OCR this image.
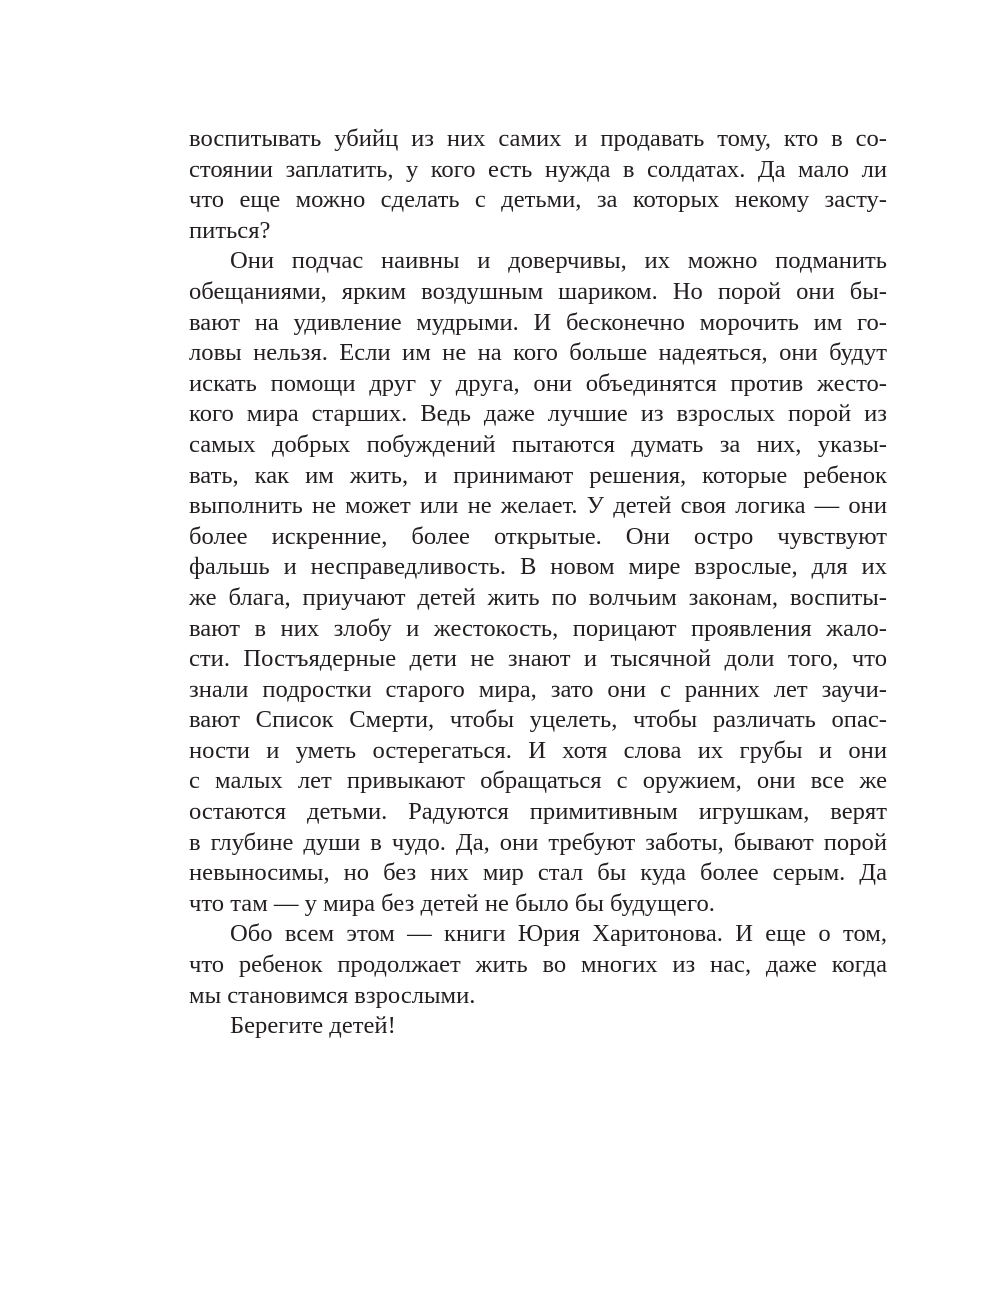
воспитывать убийц из них самих и продавать тому, кто в со-
стоянии заплатить, у кого есть нужда в солдатах. Да мало ли
что еще можно сделать с детьми, за которых некому засту-
питься?
Они подчас наивны и доверчивы, их можно подманить
обещаниями, ярким воздушным шариком. Но порой они бы-
вают на удивление мудрыми. И бесконечно морочить им го-
ловы нельзя. Если им не на кого больше надеяться, они будут
искать помощи друг у друга, они объединятся против жесто-
кого мира старших. Ведь даже лучшие из взрослых порой из
самых добрых побуждений пытаются думать за них, указы-
вать, как им жить, и принимают решения, которые ребенок
выполнить не может или не желает. У детей своя логика — они
более искренние, более открытые. Они остро чувствуют
фальшь и несправедливость. В новом мире взрослые, для их
же блага, приучают детей жить по волчьим законам, воспиты-
вают в них злобу и жестокость, порицают проявления жало-
сти. Постъядерные дети не знают и тысячной доли того, что
знали подростки старого мира, зато они с ранних лет заучи-
вают Список Смерти, чтобы уцелеть, чтобы различать опас-
ности и уметь остерегаться. И хотя слова их грубы и они
с малых лет привыкают обращаться с оружием, они все же
остаются детьми. Радуются примитивным игрушкам, верят
в глубине души в чудо. Да, они требуют заботы, бывают порой
невыносимы, но без них мир стал бы куда более серым. Да
что там — у мира без детей не было бы будущего.
Обо всем этом — книги Юрия Харитонова. И еще о том,
что ребенок продолжает жить во многих из нас, даже когда
мы становимся взрослыми.
Берегите детей!
